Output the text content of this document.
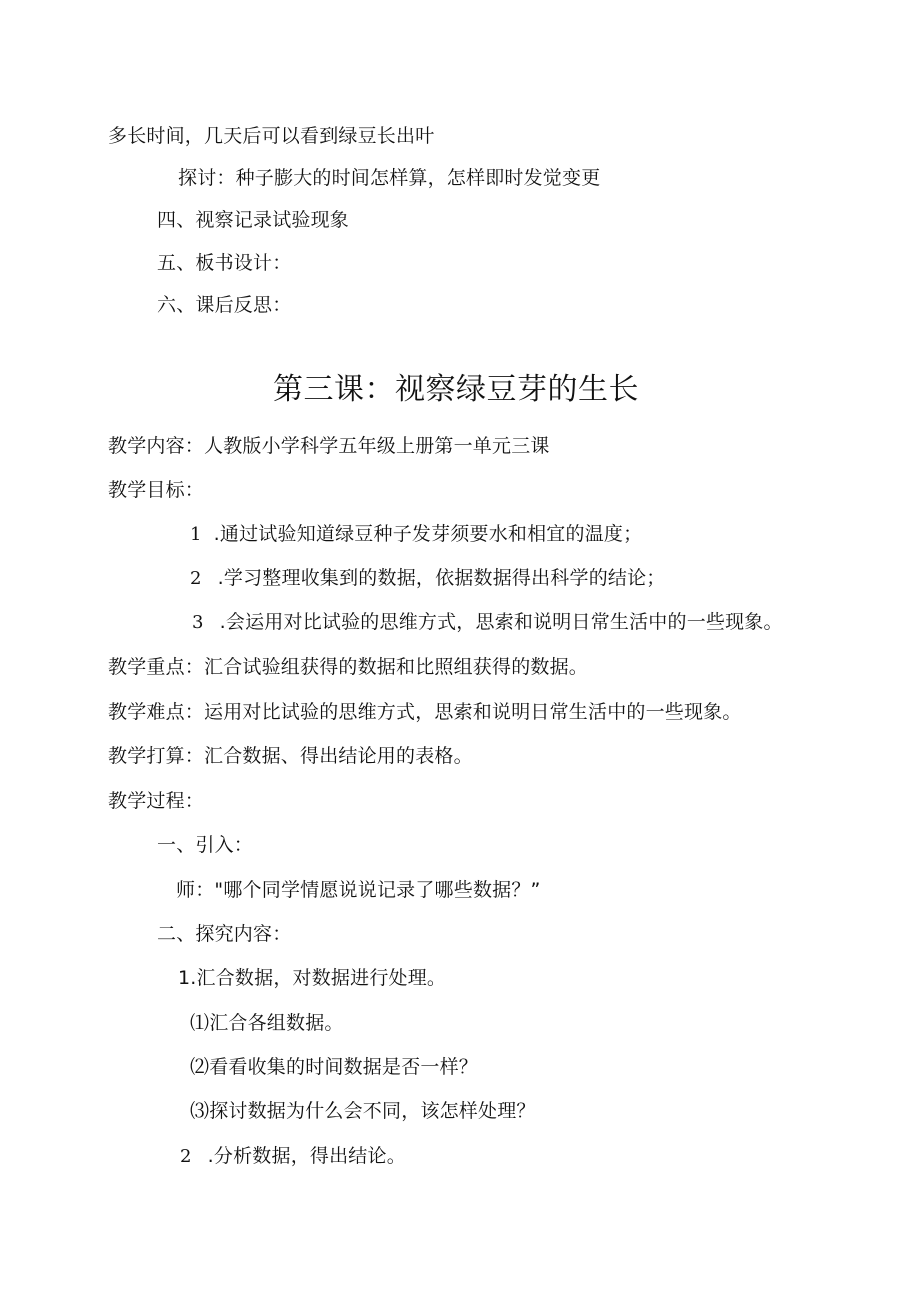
多长时间，几天后可以看到绿豆长出叶
探讨：种子膨大的时间怎样算，怎样即时发觉变更
四、视察记录试验现象
五、板书设计：
六、课后反思：
第三课：视察绿豆芽的生长
教学内容：人教版小学科学五年级上册第一单元三课
教学目标：
1 .通过试验知道绿豆种子发芽须要水和相宜的温度；
2 .学习整理收集到的数据，依据数据得出科学的结论；
3 .会运用对比试验的思维方式，思索和说明日常生活中的一些现象。
教学重点：汇合试验组获得的数据和比照组获得的数据。
教学难点：运用对比试验的思维方式，思索和说明日常生活中的一些现象。
教学打算：汇合数据、得出结论用的表格。
教学过程：
一、引入：
师："哪个同学情愿说说记录了哪些数据？”
二、探究内容：
1.汇合数据，对数据进行处理。
⑴汇合各组数据。
⑵看看收集的时间数据是否一样？
⑶探讨数据为什么会不同，该怎样处理？
2 .分析数据，得出结论。
